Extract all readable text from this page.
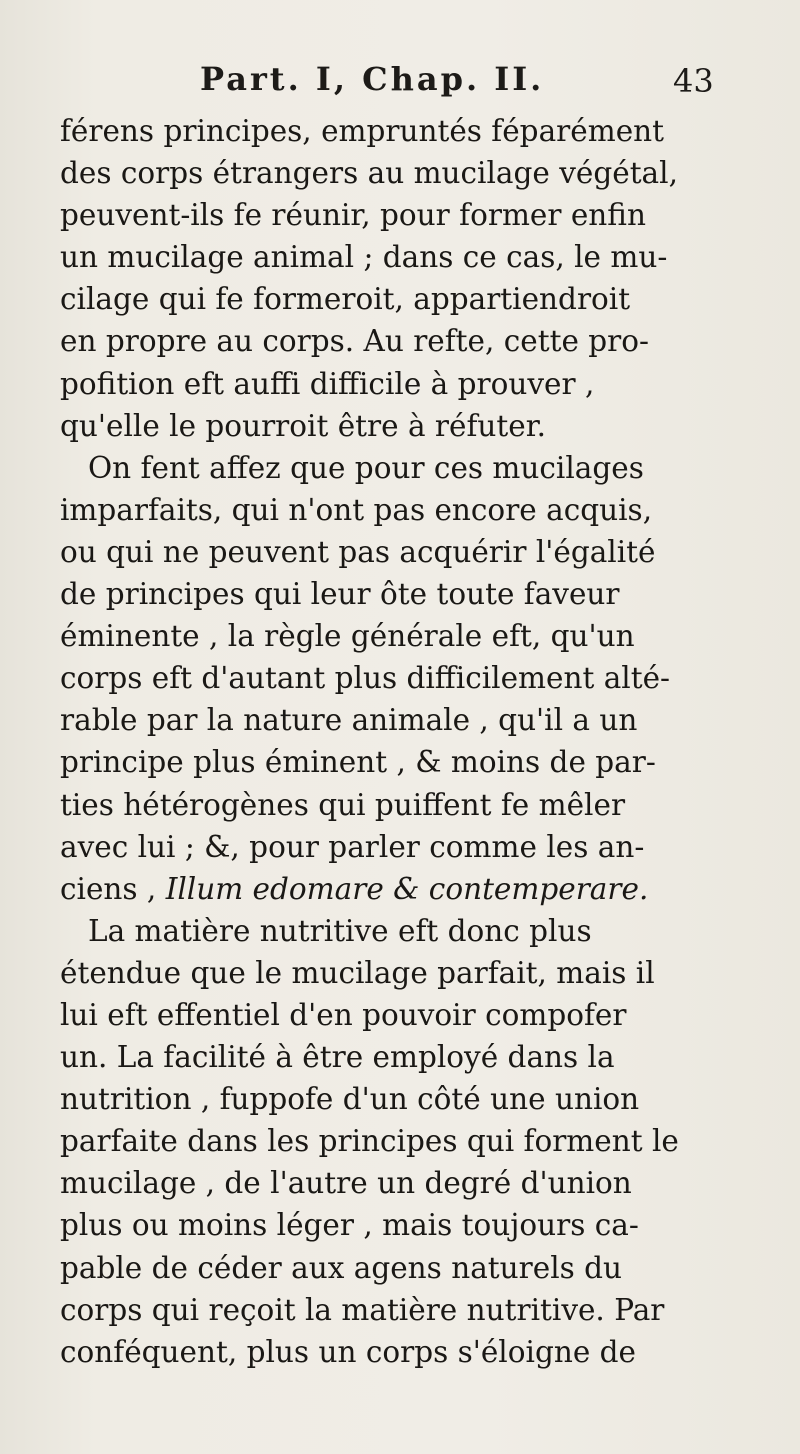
Part. I, Chap. II.	43
férens principes, empruntés féparément
des corps étrangers au mucilage végétal,
peuvent-ils fe réunir, pour former enfin
un mucilage animal ; dans ce cas, le mu-
cilage qui fe formeroit, appartiendroit
en propre au corps. Au refte, cette pro-
pofition eft auffi difficile à prouver ,
qu'elle le pourroit être à réfuter.
On fent affez que pour ces mucilages
imparfaits, qui n'ont pas encore acquis,
ou qui ne peuvent pas acquérir l'égalité
de principes qui leur ôte toute faveur
éminente , la règle générale eft, qu'un
corps eft d'autant plus difficilement alté-
rable par la nature animale , qu'il a un
principe plus éminent , & moins de par-
ties hétérogènes qui puiffent fe mêler
avec lui ; &, pour parler comme les an-
ciens , Illum edomare & contemperare.
La matière nutritive eft donc plus
étendue que le mucilage parfait, mais il
lui eft effentiel d'en pouvoir compofer
un. La facilité à être employé dans la
nutrition , fuppofe d'un côté une union
parfaite dans les principes qui forment le
mucilage , de l'autre un degré d'union
plus ou moins léger , mais toujours ca-
pable de céder aux agens naturels du
corps qui reçoit la matière nutritive. Par
conféquent, plus un corps s'éloigne de
